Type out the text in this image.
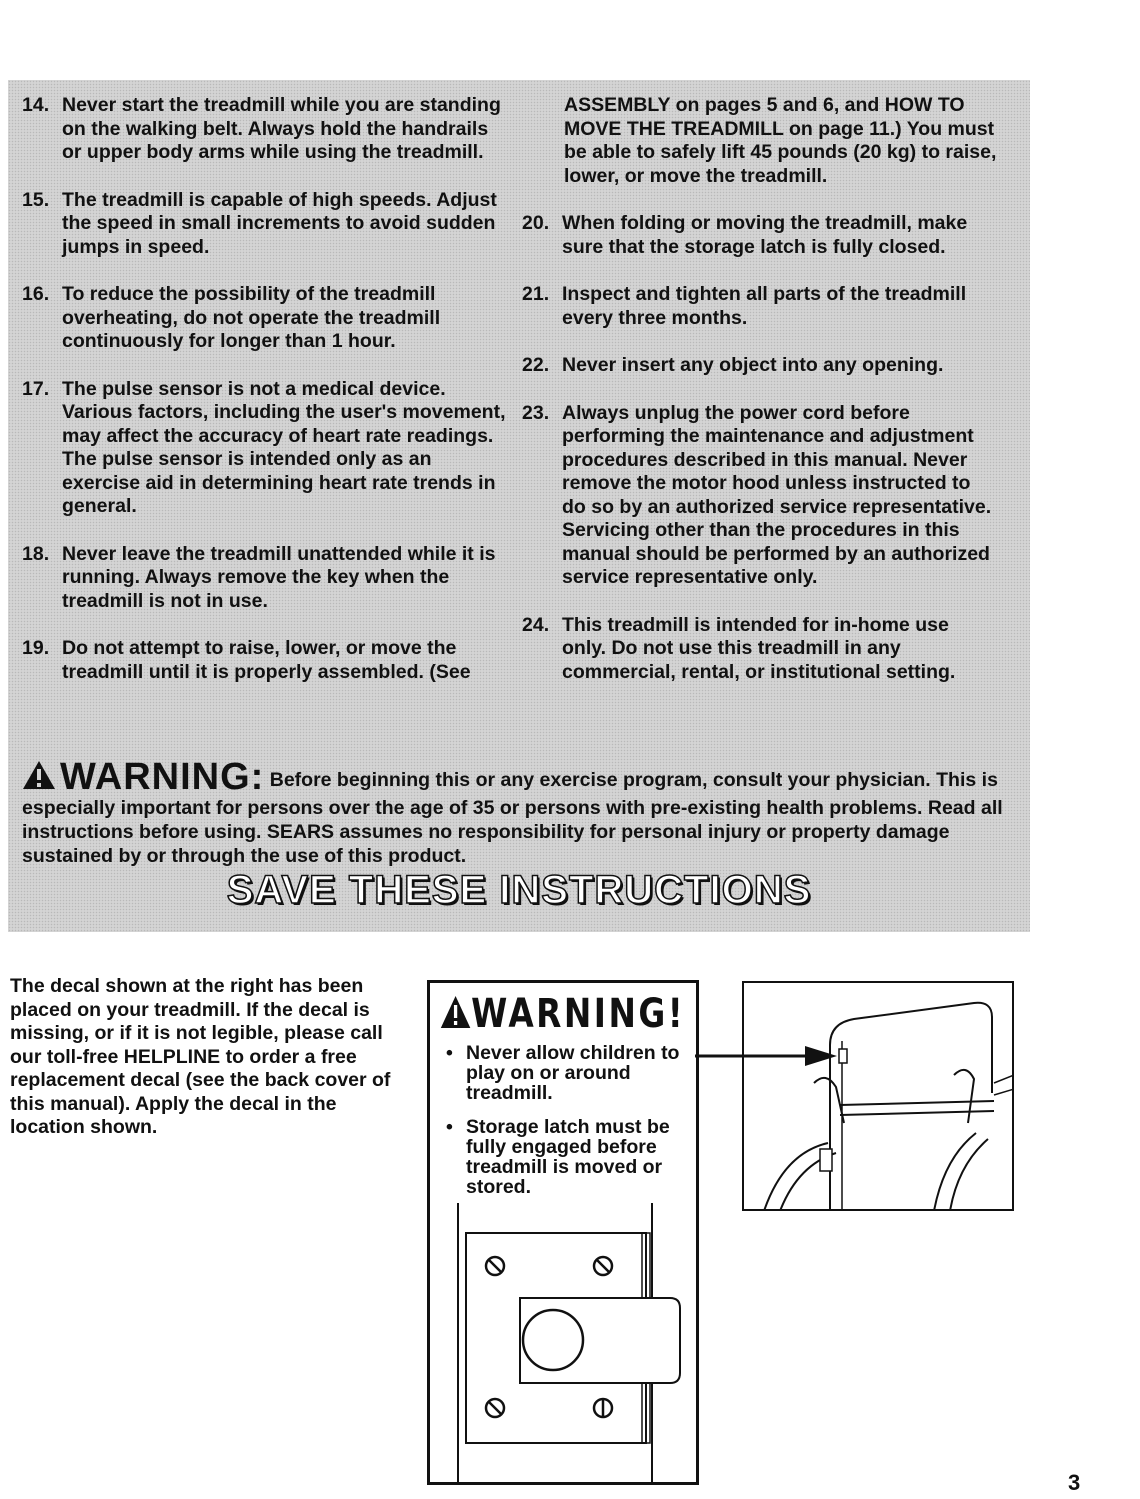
14. Never start the treadmill while you are standing on the walking belt. Always hold the handrails or upper body arms while using the treadmill.
15. The treadmill is capable of high speeds. Adjust the speed in small increments to avoid sudden jumps in speed.
16. To reduce the possibility of the treadmill overheating, do not operate the treadmill continuously for longer than 1 hour.
17. The pulse sensor is not a medical device. Various factors, including the user's movement, may affect the accuracy of heart rate readings. The pulse sensor is intended only as an exercise aid in determining heart rate trends in general.
18. Never leave the treadmill unattended while it is running. Always remove the key when the treadmill is not in use.
19. Do not attempt to raise, lower, or move the treadmill until it is properly assembled. (See
ASSEMBLY on pages 5 and 6, and HOW TO MOVE THE TREADMILL on page 11.) You must be able to safely lift 45 pounds (20 kg) to raise, lower, or move the treadmill.
20. When folding or moving the treadmill, make sure that the storage latch is fully closed.
21. Inspect and tighten all parts of the treadmill every three months.
22. Never insert any object into any opening.
23. Always unplug the power cord before performing the maintenance and adjustment procedures described in this manual. Never remove the motor hood unless instructed to do so by an authorized service representative. Servicing other than the procedures in this manual should be performed by an authorized service representative only.
24. This treadmill is intended for in-home use only. Do not use this treadmill in any commercial, rental, or institutional setting.
WARNING: Before beginning this or any exercise program, consult your physician. This is especially important for persons over the age of 35 or persons with pre-existing health problems. Read all instructions before using. SEARS assumes no responsibility for personal injury or property damage sustained by or through the use of this product.
SAVE THESE INSTRUCTIONS
The decal shown at the right has been placed on your treadmill. If the decal is missing, or if it is not legible, please call our toll-free HELPLINE to order a free replacement decal (see the back cover of this manual). Apply the decal in the location shown.
WARNING!
• Never allow children to play on or around treadmill.
• Storage latch must be fully engaged before treadmill is moved or stored.
3
